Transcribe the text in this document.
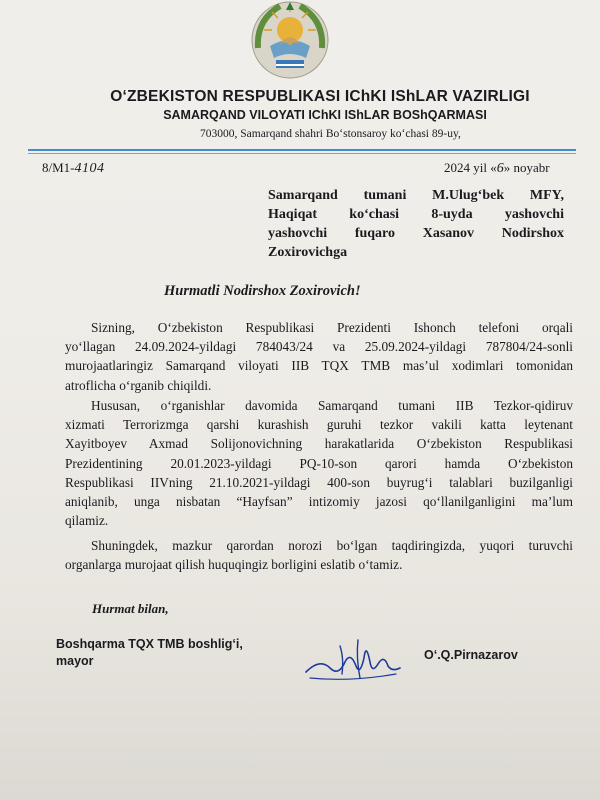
O‘ZBEKISTON RESPUBLIKASI IChKI IShLAR VAZIRLIGI
SAMARQAND VILOYATI IChKI IShLAR BOShQARMASI
703000, Samarqand shahri Bo‘stonsaroy ko‘chasi 89-uy,
8/M1-4104	2024 yil «6» noyabr
Samarqand tumani M.Ulug‘bek MFY,
Haqiqat ko‘chasi 8-uyda yashovchi
yashovchi fuqaro Xasanov Nodirshox
Zoxirovichga
Hurmatli Nodirshox Zoxirovich!
Sizning, O‘zbekiston Respublikasi Prezidenti Ishonch telefoni orqali
yo‘llagan 24.09.2024-yildagi 784043/24 va 25.09.2024-yildagi 787804/24-sonli
murojaatlaringiz Samarqand viloyati IIB TQX TMB mas’ul xodimlari tomonidan
atroflicha o‘rganib chiqildi.
Hususan, o‘rganishlar davomida Samarqand tumani IIB Tezkor-qidiruv
xizmati Terrorizmga qarshi kurashish guruhi tezkor vakili katta leytenant
Xayitboyev Axmad Solijonovichning harakatlarida O‘zbekiston Respublikasi
Prezidentining 20.01.2023-yildagi PQ-10-son qarori hamda O‘zbekiston
Respublikasi IIVning 21.10.2021-yildagi 400-son buyrug‘i talablari buzilganligi
aniqlanib, unga nisbatan “Hayfsan” intizomiy jazosi qo‘llanilganligini ma’lum
qilamiz.
Shuningdek, mazkur qarordan norozi bo‘lgan taqdiringizda, yuqori turuvchi
organlarga murojaat qilish huquqingiz borligini eslatib o‘tamiz.
Hurmat bilan,
Boshqarma TQX TMB boshlig‘i,
mayor	O‘.Q.Pirnazarov
